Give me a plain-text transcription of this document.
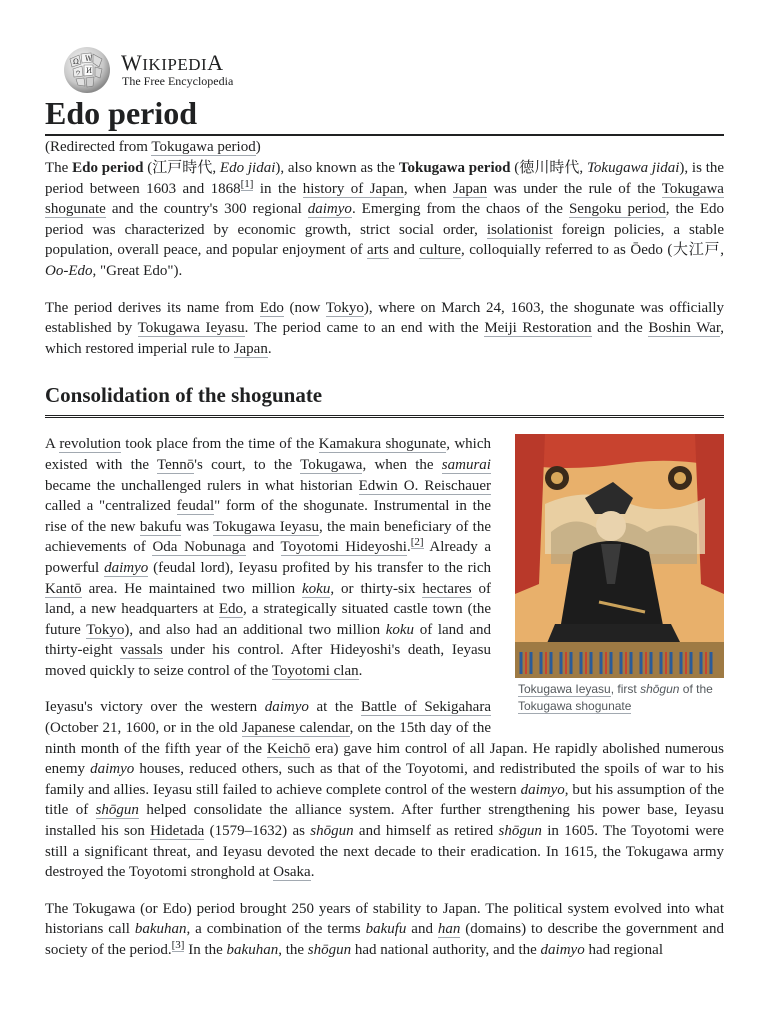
Ω W
И
ウ WIKIPEDIA
The Free Encyclopedia
Edo period
(Redirected from Tokugawa period)

The Edo period (江戸時代, Edo jidai), also known as the Tokugawa period (徳川時代, Tokugawa jidai), is the period between 1603 and 1868[1] in the history of Japan, when Japan was under the rule of the Tokugawa shogunate and the country's 300 regional daimyo. Emerging from the chaos of the Sengoku period, the Edo period was characterized by economic growth, strict social order, isolationist foreign policies, a stable population, overall peace, and popular enjoyment of arts and culture, colloquially referred to as Ōedo (大江戸, Oo-Edo, "Great Edo").

The period derives its name from Edo (now Tokyo), where on March 24, 1603, the shogunate was officially established by Tokugawa Ieyasu. The period came to an end with the Meiji Restoration and the Boshin War, which restored imperial rule to Japan.

Consolidation of the shogunate
Tokugawa Ieyasu, first shōgun of the Tokugawa shogunate

A revolution took place from the time of the Kamakura shogunate, which existed with the Tennō's court, to the Tokugawa, when the samurai became the unchallenged rulers in what historian Edwin O. Reischauer called a "centralized feudal" form of the shogunate. Instrumental in the rise of the new bakufu was Tokugawa Ieyasu, the main beneficiary of the achievements of Oda Nobunaga and Toyotomi Hideyoshi.[2] Already a powerful daimyo (feudal lord), Ieyasu profited by his transfer to the rich Kantō area. He maintained two million koku, or thirty-six hectares of land, a new headquarters at Edo, a strategically situated castle town (the future Tokyo), and also had an additional two million koku of land and thirty-eight vassals under his control. After Hideyoshi's death, Ieyasu moved quickly to seize control of the Toyotomi clan.

Ieyasu's victory over the western daimyo at the Battle of Sekigahara (October 21, 1600, or in the old Japanese calendar, on the 15th day of the ninth month of the fifth year of the Keichō era) gave him control of all Japan. He rapidly abolished numerous enemy daimyo houses, reduced others, such as that of the Toyotomi, and redistributed the spoils of war to his family and allies. Ieyasu still failed to achieve complete control of the western daimyo, but his assumption of the title of shōgun helped consolidate the alliance system. After further strengthening his power base, Ieyasu installed his son Hidetada (1579–1632) as shōgun and himself as retired shōgun in 1605. The Toyotomi were still a significant threat, and Ieyasu devoted the next decade to their eradication. In 1615, the Tokugawa army destroyed the Toyotomi stronghold at Osaka.

The Tokugawa (or Edo) period brought 250 years of stability to Japan. The political system evolved into what historians call bakuhan, a combination of the terms bakufu and han (domains) to describe the government and society of the period.[3] In the bakuhan, the shōgun had national authority, and the daimyo had regional
